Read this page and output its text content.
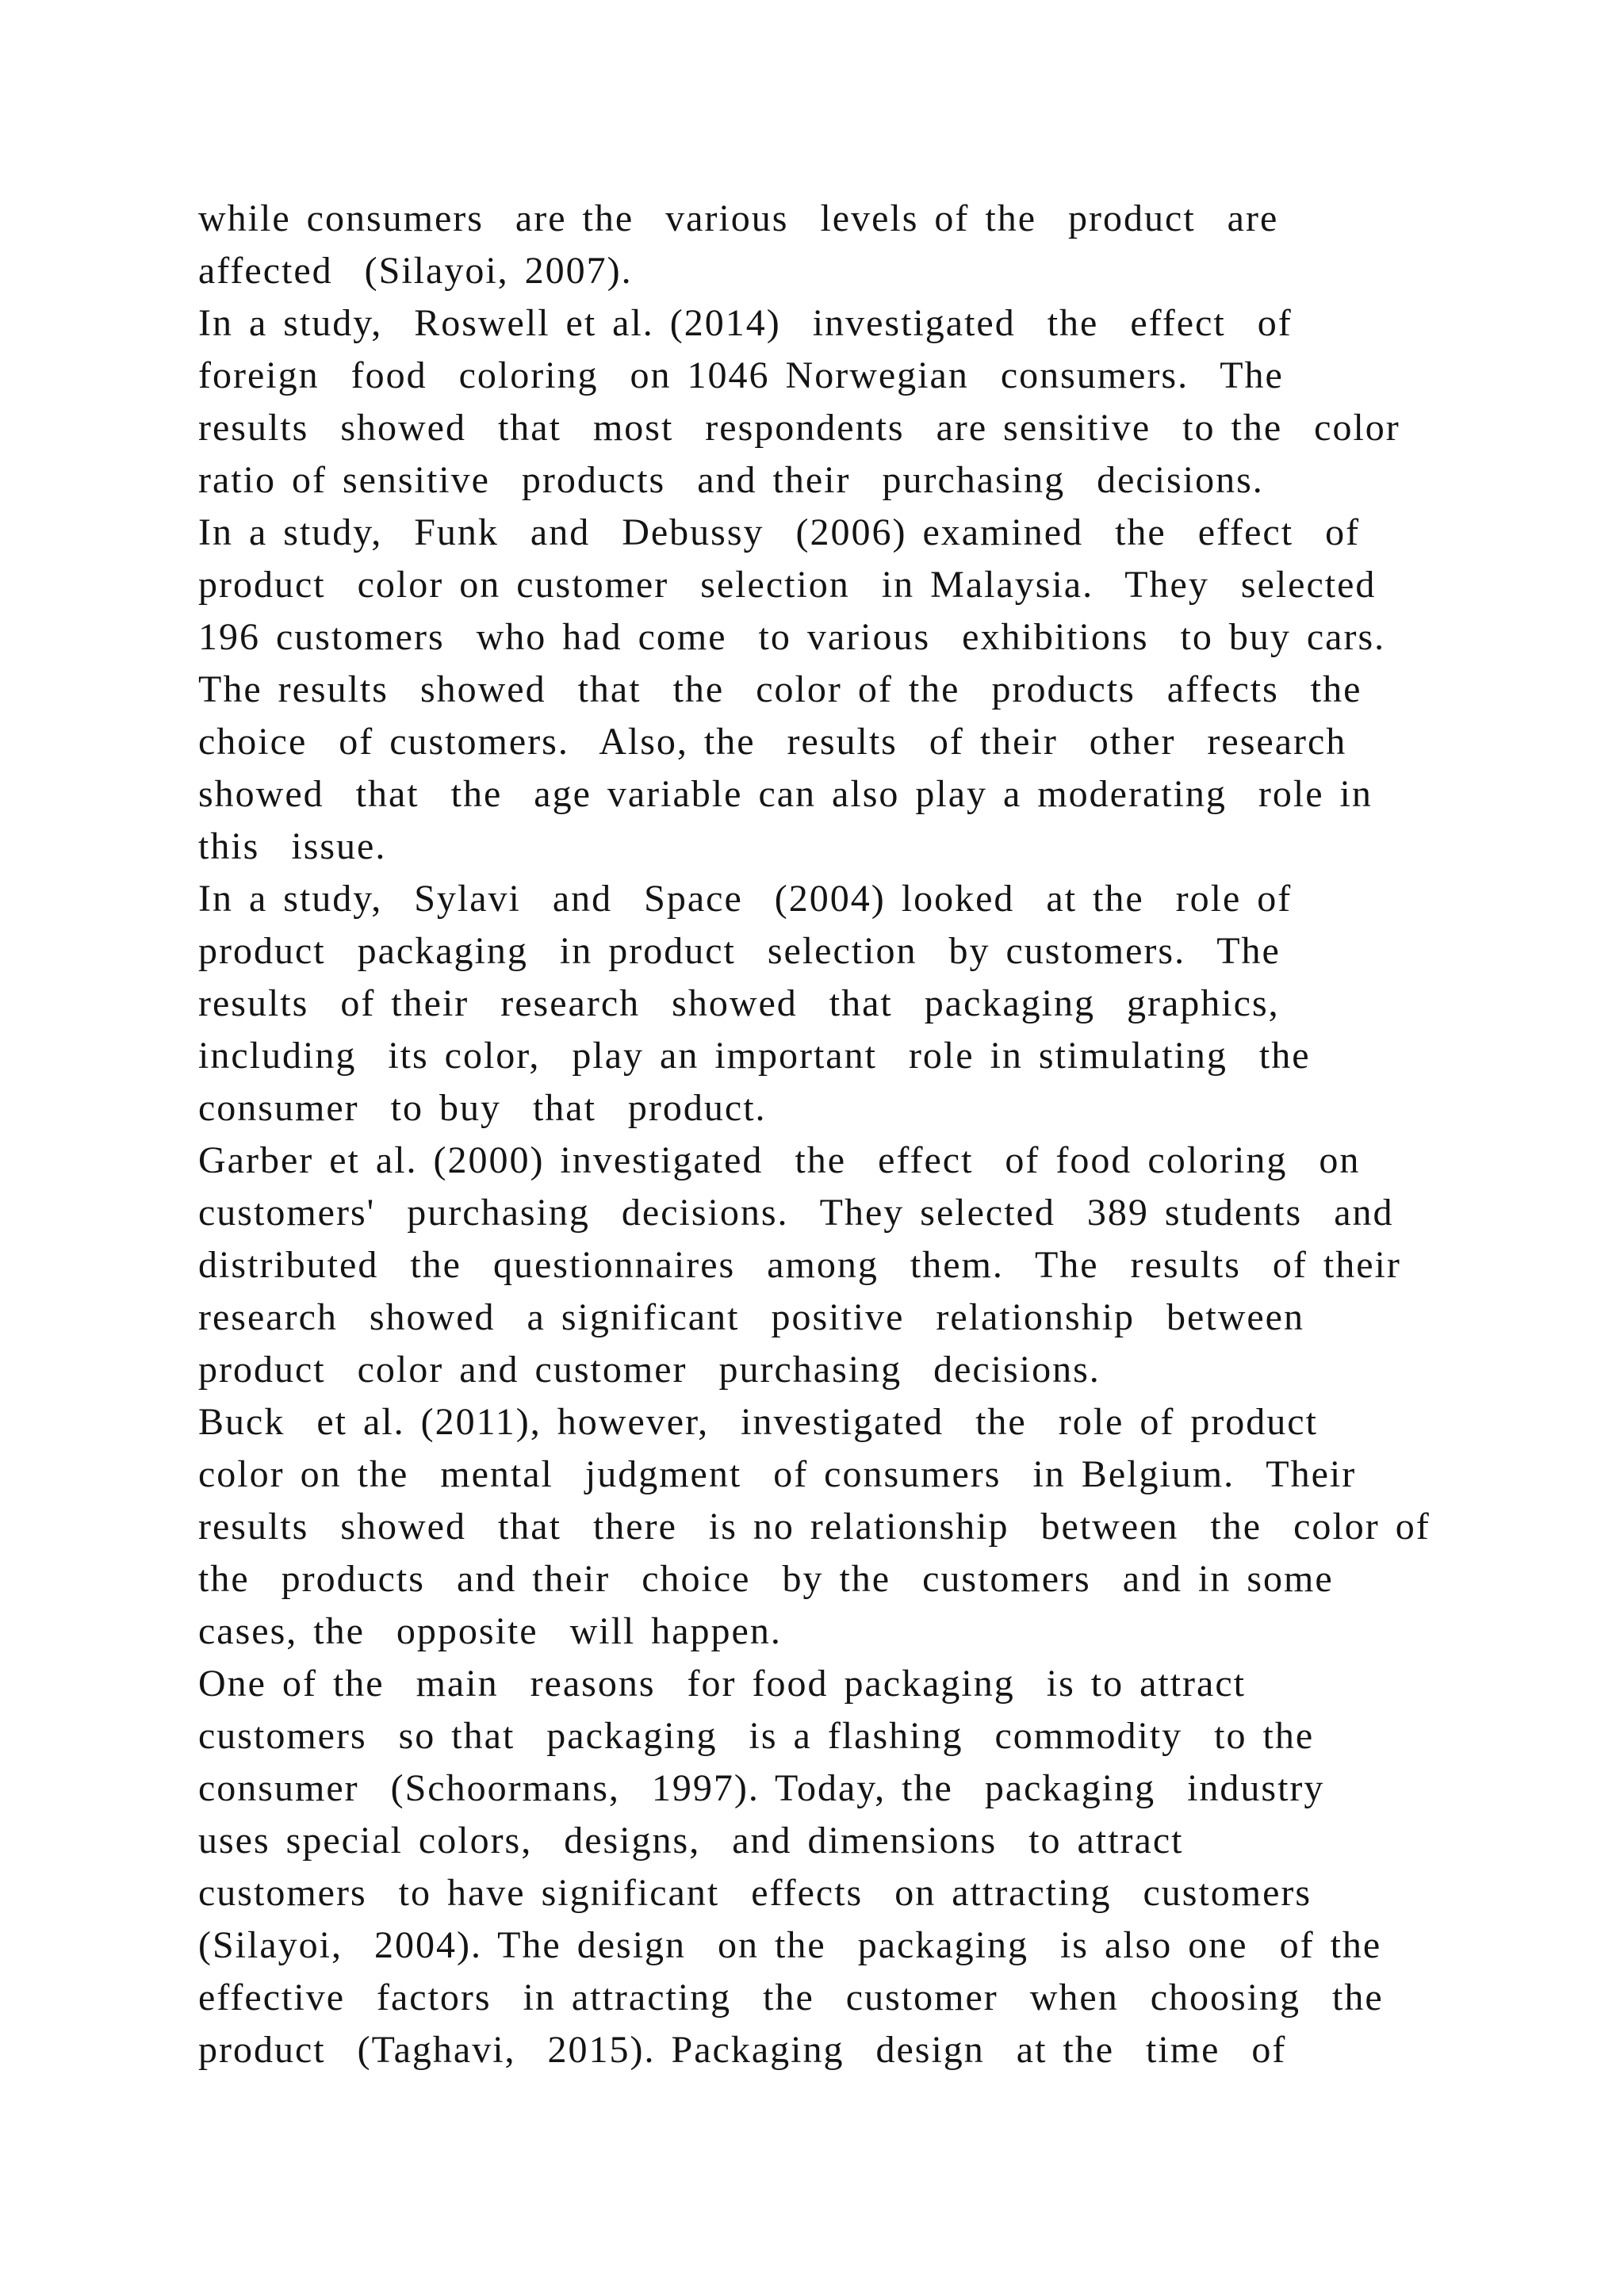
while consumers  are the  various  levels of the  product  are
affected  (Silayoi, 2007).
In a study,  Roswell et al. (2014)  investigated  the  effect  of
foreign  food  coloring  on 1046 Norwegian  consumers.  The
results  showed  that  most  respondents  are sensitive  to the  color
ratio of sensitive  products  and their  purchasing  decisions.
In a study,  Funk  and  Debussy  (2006) examined  the  effect  of
product  color on customer  selection  in Malaysia.  They  selected
196 customers  who had come  to various  exhibitions  to buy cars.
The results  showed  that  the  color of the  products  affects  the
choice  of customers.  Also, the  results  of their  other  research
showed  that  the  age variable can also play a moderating  role in
this  issue.
In a study,  Sylavi  and  Space  (2004) looked  at the  role of
product  packaging  in product  selection  by customers.  The
results  of their  research  showed  that  packaging  graphics,
including  its color,  play an important  role in stimulating  the
consumer  to buy  that  product.
Garber et al. (2000) investigated  the  effect  of food coloring  on
customers'  purchasing  decisions.  They selected  389 students  and
distributed  the  questionnaires  among  them.  The  results  of their
research  showed  a significant  positive  relationship  between
product  color and customer  purchasing  decisions.
Buck  et al. (2011), however,  investigated  the  role of product
color on the  mental  judgment  of consumers  in Belgium.  Their
results  showed  that  there  is no relationship  between  the  color of
the  products  and their  choice  by the  customers  and in some
cases, the  opposite  will happen.
One of the  main  reasons  for food packaging  is to attract
customers  so that  packaging  is a flashing  commodity  to the
consumer  (Schoormans,  1997). Today, the  packaging  industry
uses special colors,  designs,  and dimensions  to attract
customers  to have significant  effects  on attracting  customers
(Silayoi,  2004). The design  on the  packaging  is also one  of the
effective  factors  in attracting  the  customer  when  choosing  the
product  (Taghavi,  2015). Packaging  design  at the  time  of
